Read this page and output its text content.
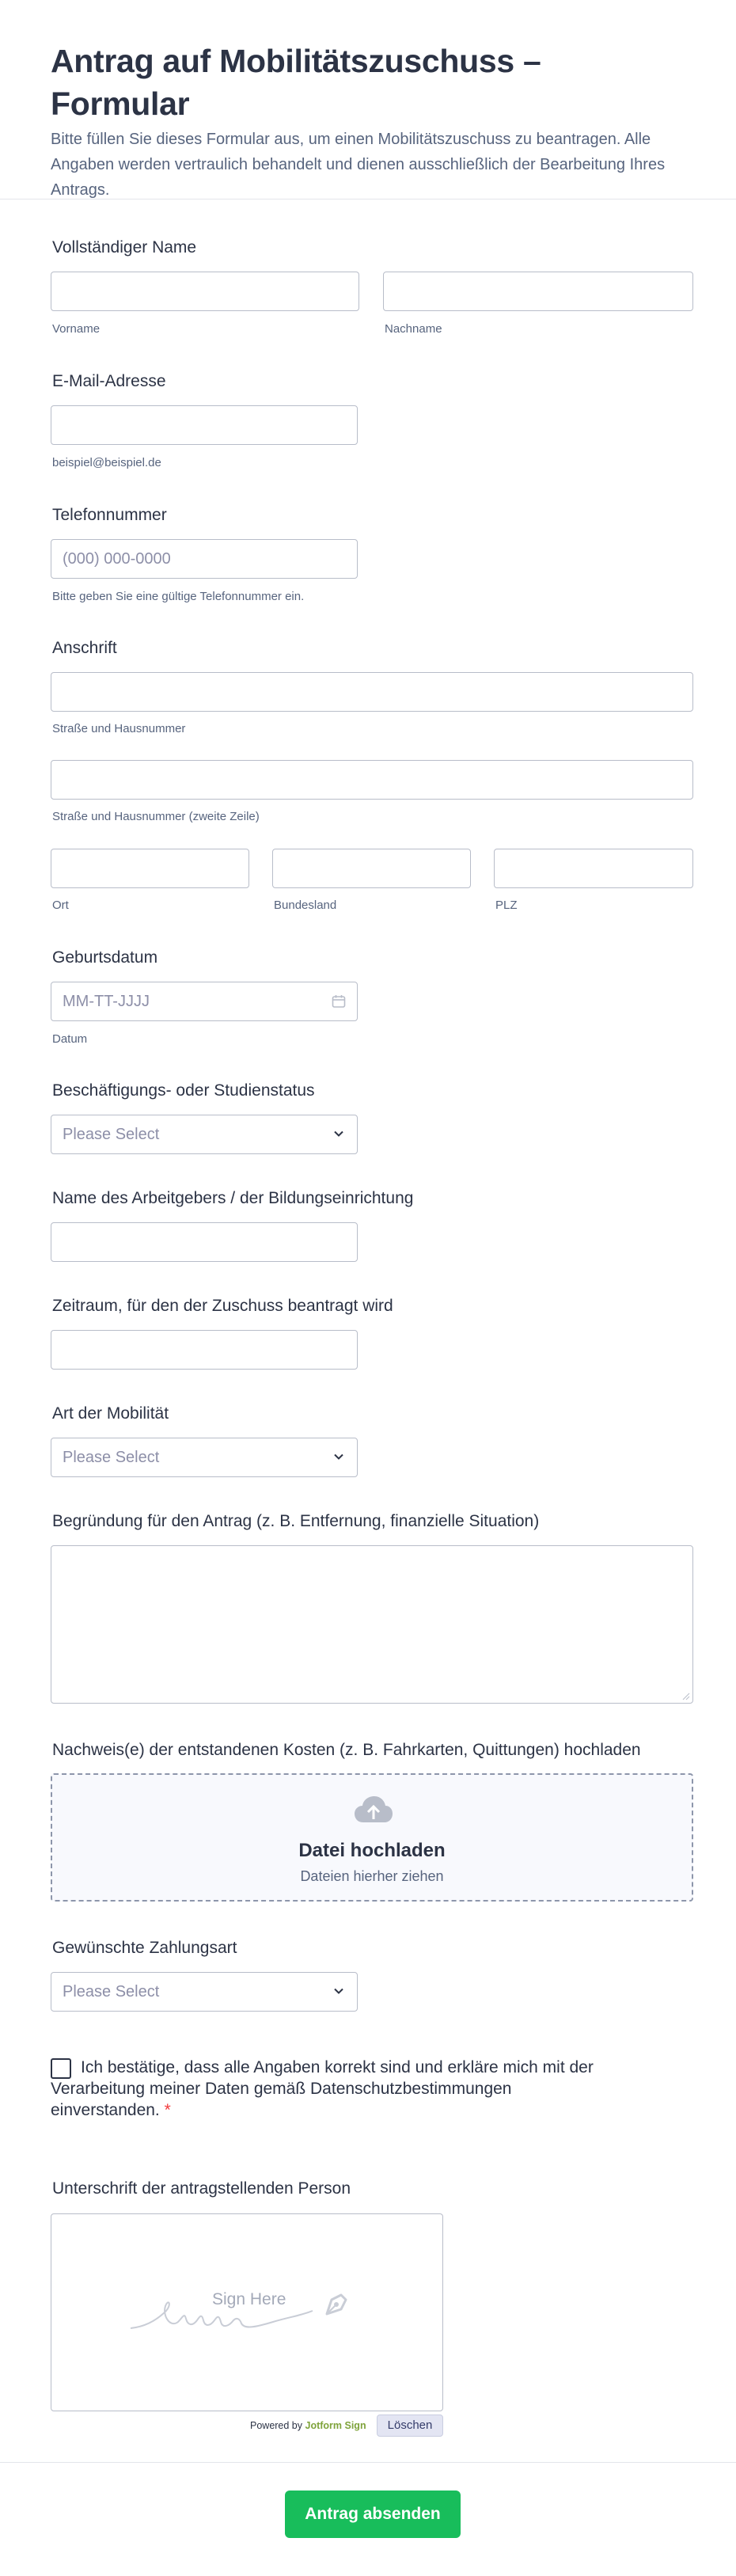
Antrag auf Mobilitätszuschuss – Formular

Bitte füllen Sie dieses Formular aus, um einen Mobilitätszuschuss zu beantragen. Alle Angaben werden vertraulich behandelt und dienen ausschließlich der Bearbeitung Ihres Antrags.

Vollständiger Name
Vorname	Nachname
E-Mail-Adresse
beispiel@beispiel.de
Telefonnummer
(000) 000-0000
Bitte geben Sie eine gültige Telefonnummer ein.
Anschrift
Straße und Hausnummer
Straße und Hausnummer (zweite Zeile)
Ort	Bundesland	PLZ
Geburtsdatum
MM-TT-JJJJ
Datum
Beschäftigungs- oder Studienstatus
Please Select
Name des Arbeitgebers / der Bildungseinrichtung
Zeitraum, für den der Zuschuss beantragt wird
Art der Mobilität
Please Select
Begründung für den Antrag (z. B. Entfernung, finanzielle Situation)
Nachweis(e) der entstandenen Kosten (z. B. Fahrkarten, Quittungen) hochladen
Datei hochladen
Dateien hierher ziehen
Gewünschte Zahlungsart
Please Select
Ich bestätige, dass alle Angaben korrekt sind und erkläre mich mit der Verarbeitung meiner Daten gemäß Datenschutzbestimmungen einverstanden. *
Unterschrift der antragstellenden Person
Sign Here
Powered by Jotform Sign	Löschen
Antrag absenden
